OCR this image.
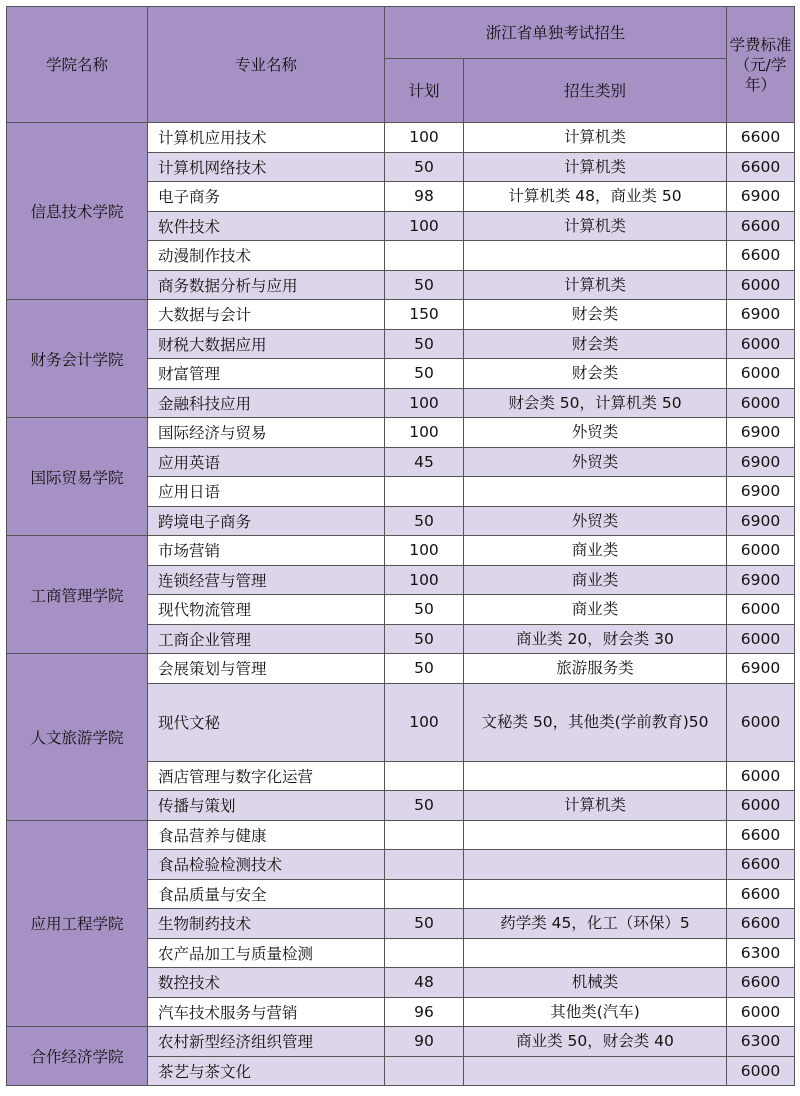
学院名称	专业名称	浙江省单独考试招生		学费标准（元/学年）
		计划	招生类别	
信息技术学院	计算机应用技术	100	计算机类	6600
	计算机网络技术	50	计算机类	6600
	电子商务	98	计算机类 48，商业类 50	6900
	软件技术	100	计算机类	6600
	动漫制作技术			6600
	商务数据分析与应用	50	计算机类	6000
财务会计学院	大数据与会计	150	财会类	6900
	财税大数据应用	50	财会类	6000
	财富管理	50	财会类	6000
	金融科技应用	100	财会类 50，计算机类 50	6000
国际贸易学院	国际经济与贸易	100	外贸类	6900
	应用英语	45	外贸类	6900
	应用日语			6900
	跨境电子商务	50	外贸类	6900
工商管理学院	市场营销	100	商业类	6000
	连锁经营与管理	100	商业类	6900
	现代物流管理	50	商业类	6000
	工商企业管理	50	商业类 20，财会类 30	6000
人文旅游学院	会展策划与管理	50	旅游服务类	6900
	现代文秘	100	文秘类 50，其他类(学前教育)50	6000
	酒店管理与数字化运营			6000
	传播与策划	50	计算机类	6000
应用工程学院	食品营养与健康			6600
	食品检验检测技术			6600
	食品质量与安全			6600
	生物制药技术	50	药学类 45，化工（环保）5	6600
	农产品加工与质量检测			6300
	数控技术	48	机械类	6600
	汽车技术服务与营销	96	其他类(汽车)	6000
合作经济学院	农村新型经济组织管理	90	商业类 50，财会类 40	6300
	茶艺与茶文化			6000
